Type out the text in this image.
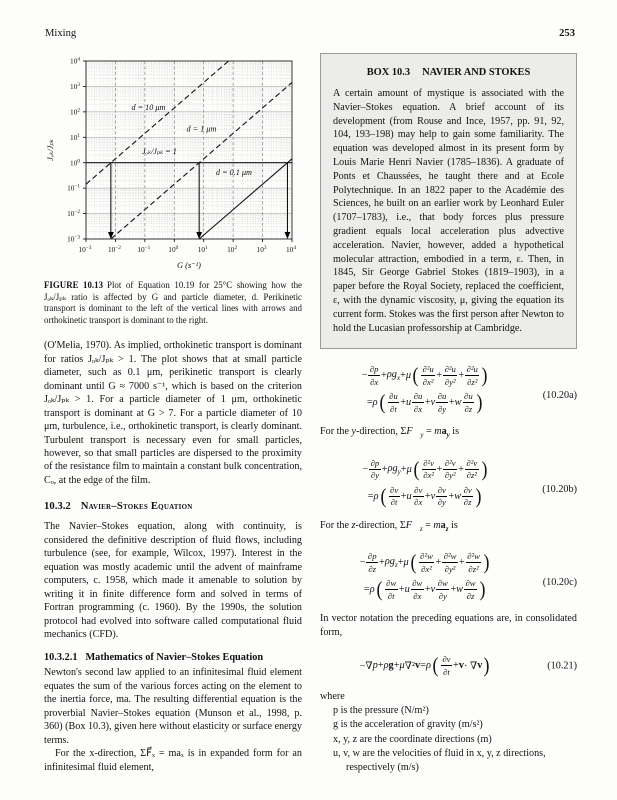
Mixing	253
d = 10 μm
d = 1 μm
d = 0.1 μm
Jₒₖ/Jₚₖ = 1
$10^{-3}$ $10^{-2}$ $10^{-1}$ $10^0$	$10^1$	$10^2$	$10^3$	$10^4$
$10^{-3}$
$10^{-2}$
$10^{-1}$
$10^0$
$10^1$
$10^2$
$10^3$
$10^4$
G (s⁻¹)
Jₒₖ/Jₚₖ
FIGURE 10.13 Plot of Equation 10.19 for 25°C showing how the Jₒₖ/Jₚₖ ratio is affected by G and particle diameter, d. Perikinetic transport is dominant to the left of the vertical lines with arrows and orthokinetic transport is dominant to the right.

(O'Melia, 1970). As implied, orthokinetic transport is dominant for ratios Jₒₖ/Jₚₖ > 1. The plot shows that at small particle diameter, such as 0.1 μm, perikinetic transport is clearly dominant until G ≈ 7000 s⁻¹, which is based on the criterion Jₒₖ/Jₚₖ > 1. For a particle diameter of 1 μm, orthokinetic transport is dominant at G > 7. For a particle diameter of 10 μm, turbulence, i.e., orthokinetic transport, is clearly dominant. Turbulent transport is necessary even for small particles, however, so that small particles are dispersed to the proximity of the resistance film to maintain a constant bulk concentration, Cₒ, at the edge of the film.

10.3.2 Navier–Stokes Equation

The Navier–Stokes equation, along with continuity, is considered the definitive description of fluid flows, including turbulence (see, for example, Wilcox, 1997). Interest in the equation was mostly academic until the advent of mainframe computers, c. 1958, which made it amenable to solution by writing it in finite difference form and solved in terms of Fortran programming (c. 1960). By the 1990s, the solution protocol had evolved into software called computational fluid mechanics (CFD).

10.3.2.1 Mathematics of Navier–Stokes Equation

Newton's second law applied to an infinitesimal fluid element equates the sum of the various forces acting on the element to the inertia force, ma. The resulting differential equation is the proverbial Navier–Stokes equation (Munson et al., 1998, p. 360) (Box 10.3), given here without elasticity or surface energy terms.

For the x-direction, ΣF⃗ₓ = maₓ is in expanded form for an infinitesimal fluid element,

BOX 10.3 NAVIER AND STOKES

A certain amount of mystique is associated with the Navier–Stokes equation. A brief account of its development (from Rouse and Ince, 1957, pp. 91, 92, 104, 193–198) may help to gain some familiarity. The equation was developed almost in its present form by Louis Marie Henri Navier (1785–1836). A graduate of Ponts et Chaussées, he taught there and at Ecole Polytechnique. In an 1822 paper to the Académie des Sciences, he built on an earlier work by Leonhard Euler (1707–1783), i.e., that body forces plus pressure gradient equals local acceleration plus advective acceleration. Navier, however, added a hypothetical molecular attraction, embodied in a term, ε. Then, in 1845, Sir George Gabriel Stokes (1819–1903), in a paper before the Royal Society, replaced the coefficient, ε, with the dynamic viscosity, μ, giving the equation its current form. Stokes was the first person after Newton to hold the Lucasian professorship at Cambridge.

− $\frac{\partial p}{\partial x} + \rho g_x + \mu$ ( $\frac{\text{∂²u}}{\text{∂x²}} + \frac{\text{∂²u}}{\text{∂y²}} + \frac{\text{∂²u}}{\text{∂z²}}$ )
= ρ ( $\frac{\partial u}{\partial t} + u \frac{\partial u}{\partial x} + v \frac{\partial u}{\partial y} + w \frac{\partial u}{\partial z}$ )	(10.20a)

For the y-direction, $\Sigma F⃗_y = ma_y$ is

− $\frac{\partial p}{\partial y} + \rho g_y + \mu$ ( $\frac{\text{∂²v}}{\text{∂x²}} + \frac{\text{∂²v}}{\text{∂y²}} + \frac{\text{∂²v}}{\text{∂z²}}$ )
= ρ ( $\frac{\partial v}{\partial t} + u \frac{\partial v}{\partial x} + v \frac{\partial v}{\partial y} + w \frac{\partial v}{\partial z}$ )	(10.20b)

For the z-direction, $\Sigma F⃗_z = ma_z$ is

− $\frac{\partial p}{\partial z} + \rho g_z + \mu$ ( $\frac{\text{∂²w}}{\text{∂x²}} + \frac{\text{∂²w}}{\text{∂y²}} + \frac{\text{∂²w}}{\text{∂z²}}$ )
= ρ ( $\frac{\partial w}{\partial t} + u \frac{\partial w}{\partial x} + v \frac{\partial w}{\partial y} + w \frac{\partial w}{\partial z}$ )	(10.20c)

In vector notation the preceding equations are, in consolidated form,

−∇ p + ρ g + μ ∇² v = ρ ( $\frac{\partial v}{\partial t} + v$ · ∇ v )	(10.21)

where

p is the pressure (N/m²)

g is the acceleration of gravity (m/s²)

x, y, z are the coordinate directions (m)

u, v, w are the velocities of fluid in x, y, z directions, respectively (m/s)
